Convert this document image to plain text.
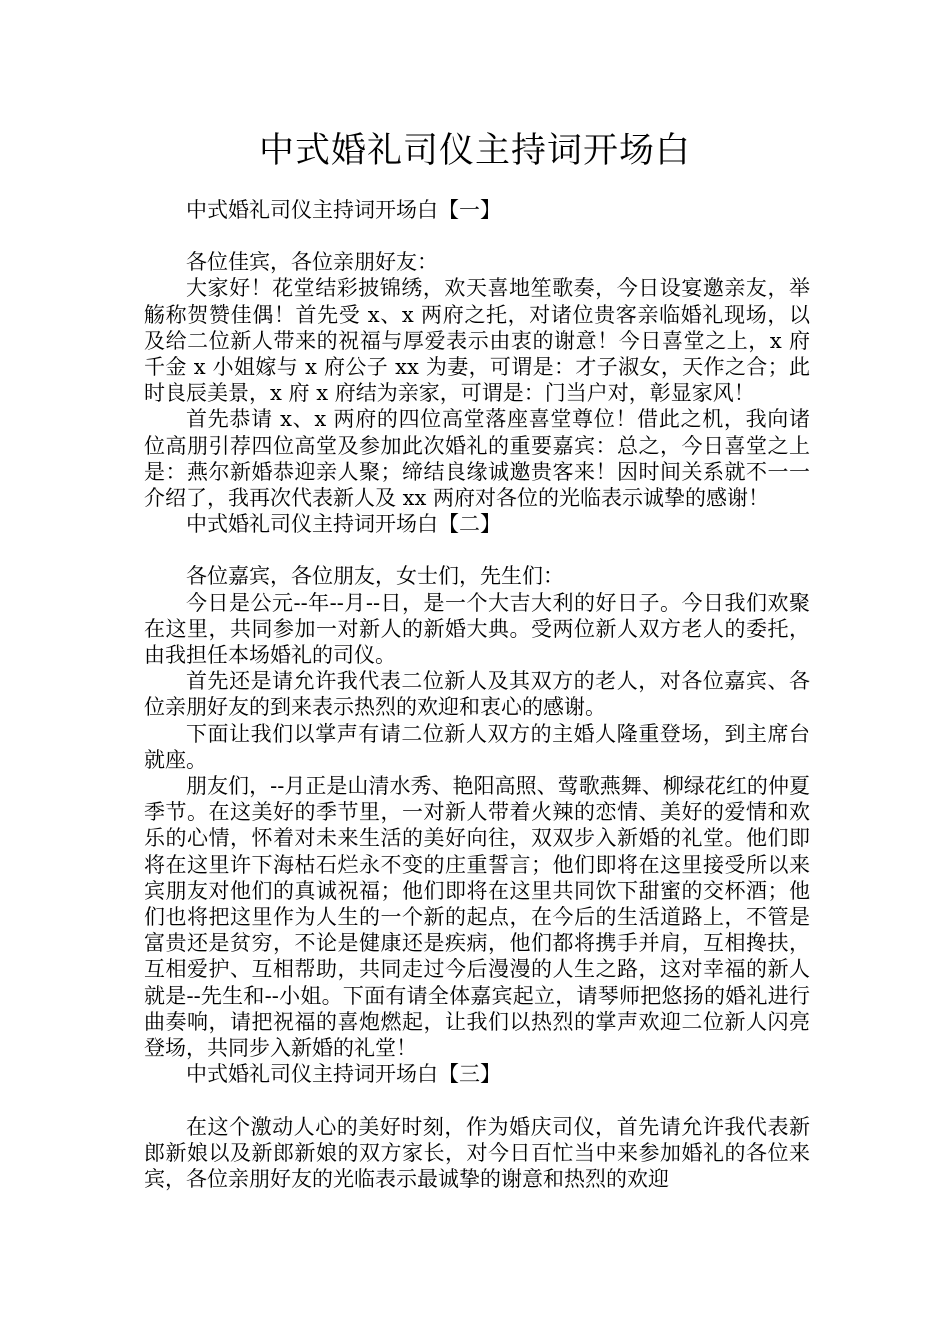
中式婚礼司仪主持词开场白
中式婚礼司仪主持词开场白【一】

各位佳宾，各位亲朋好友：

大家好！花堂结彩披锦绣，欢天喜地笙歌奏，今日设宴邀亲友，举觞称贺赞佳偶！首先受 x、x 两府之托，对诸位贵客亲临婚礼现场，以及给二位新人带来的祝福与厚爱表示由衷的谢意！今日喜堂之上，x 府千金 x 小姐嫁与 x 府公子 xx 为妻，可谓是：才子淑女，天作之合；此时良辰美景，x 府 x 府结为亲家，可谓是：门当户对，彰显家风！

首先恭请 x、x 两府的四位高堂落座喜堂尊位！借此之机，我向诸位高朋引荐四位高堂及参加此次婚礼的重要嘉宾：总之，今日喜堂之上是：燕尔新婚恭迎亲人聚；缔结良缘诚邀贵客来！因时间关系就不一一介绍了，我再次代表新人及 xx 两府对各位的光临表示诚挚的感谢！

中式婚礼司仪主持词开场白【二】

各位嘉宾，各位朋友，女士们，先生们：

今日是公元--年--月--日，是一个大吉大利的好日子。今日我们欢聚在这里，共同参加一对新人的新婚大典。受两位新人双方老人的委托，由我担任本场婚礼的司仪。

首先还是请允许我代表二位新人及其双方的老人，对各位嘉宾、各位亲朋好友的到来表示热烈的欢迎和衷心的感谢。

下面让我们以掌声有请二位新人双方的主婚人隆重登场，到主席台就座。

朋友们，--月正是山清水秀、艳阳高照、莺歌燕舞、柳绿花红的仲夏季节。在这美好的季节里，一对新人带着火辣的恋情、美好的爱情和欢乐的心情，怀着对未来生活的美好向往，双双步入新婚的礼堂。他们即将在这里许下海枯石烂永不变的庄重誓言；他们即将在这里接受所以来宾朋友对他们的真诚祝福；他们即将在这里共同饮下甜蜜的交杯酒；他们也将把这里作为人生的一个新的起点，在今后的生活道路上，不管是富贵还是贫穷，不论是健康还是疾病，他们都将携手并肩，互相搀扶，互相爱护、互相帮助，共同走过今后漫漫的人生之路，这对幸福的新人就是--先生和--小姐。下面有请全体嘉宾起立，请琴师把悠扬的婚礼进行曲奏响，请把祝福的喜炮燃起，让我们以热烈的掌声欢迎二位新人闪亮登场，共同步入新婚的礼堂！

中式婚礼司仪主持词开场白【三】

在这个激动人心的美好时刻，作为婚庆司仪，首先请允许我代表新郎新娘以及新郎新娘的双方家长，对今日百忙当中来参加婚礼的各位来宾，各位亲朋好友的光临表示最诚挚的谢意和热烈的欢迎
